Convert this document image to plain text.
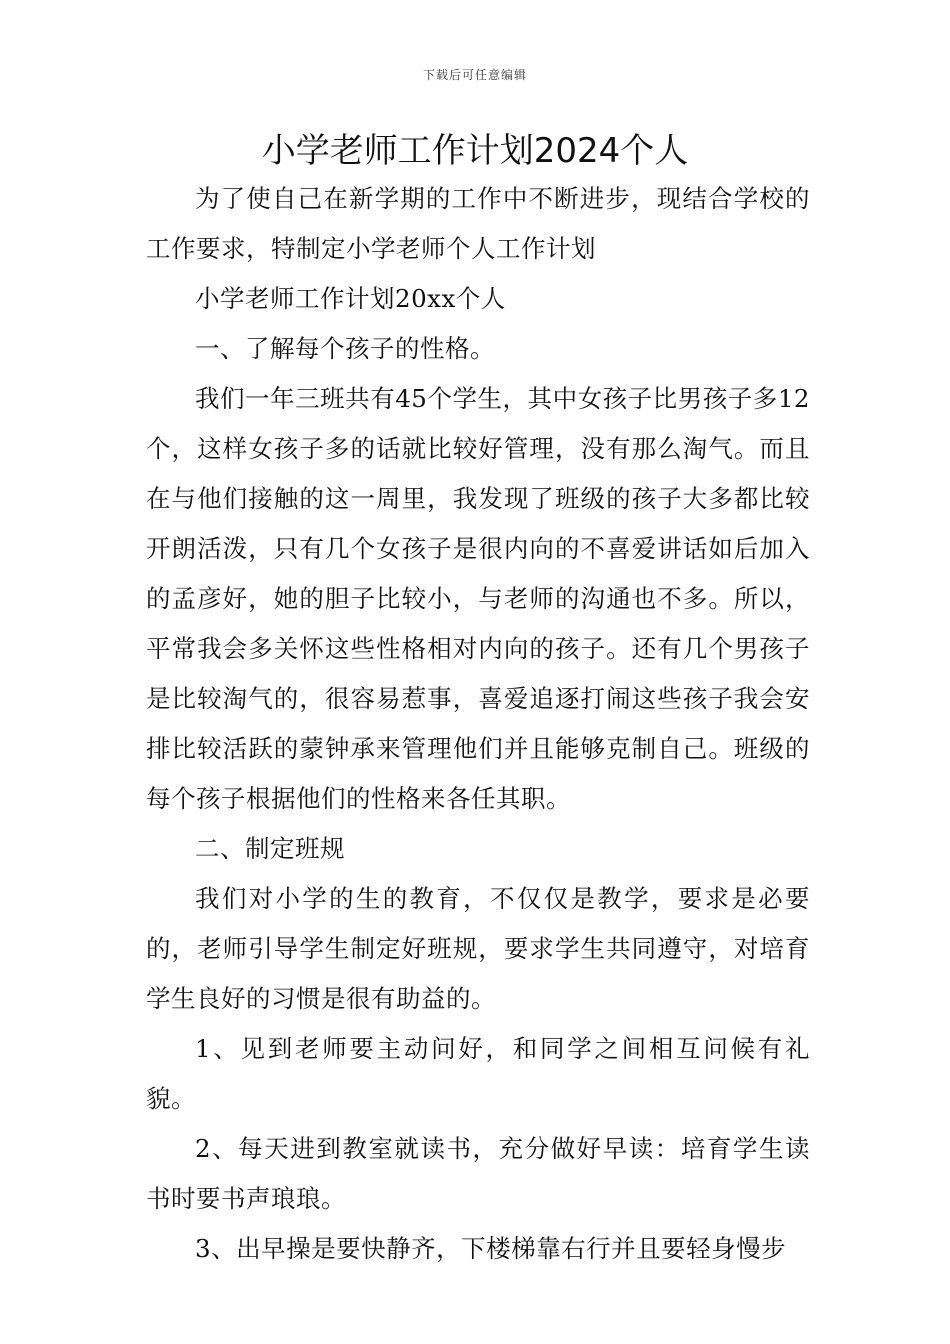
下载后可任意编辑
小学老师工作计划2024个人

为了使自己在新学期的工作中不断进步，现结合学校的工作要求，特制定小学老师个人工作计划

小学老师工作计划20xx个人

一、了解每个孩子的性格。

我们一年三班共有45个学生，其中女孩子比男孩子多12个，这样女孩子多的话就比较好管理，没有那么淘气。而且在与他们接触的这一周里，我发现了班级的孩子大多都比较开朗活泼，只有几个女孩子是很内向的不喜爱讲话如后加入的孟彦好，她的胆子比较小，与老师的沟通也不多。所以，平常我会多关怀这些性格相对内向的孩子。还有几个男孩子是比较淘气的，很容易惹事，喜爱追逐打闹这些孩子我会安排比较活跃的蒙钟承来管理他们并且能够克制自己。班级的每个孩子根据他们的性格来各任其职。

二、制定班规

我们对小学的生的教育，不仅仅是教学，要求是必要的，老师引导学生制定好班规，要求学生共同遵守，对培育学生良好的习惯是很有助益的。

1、见到老师要主动问好，和同学之间相互问候有礼貌。

2、每天进到教室就读书，充分做好早读：培育学生读书时要书声琅琅。

3、出早操是要快静齐，下楼梯靠右行并且要轻身慢步
